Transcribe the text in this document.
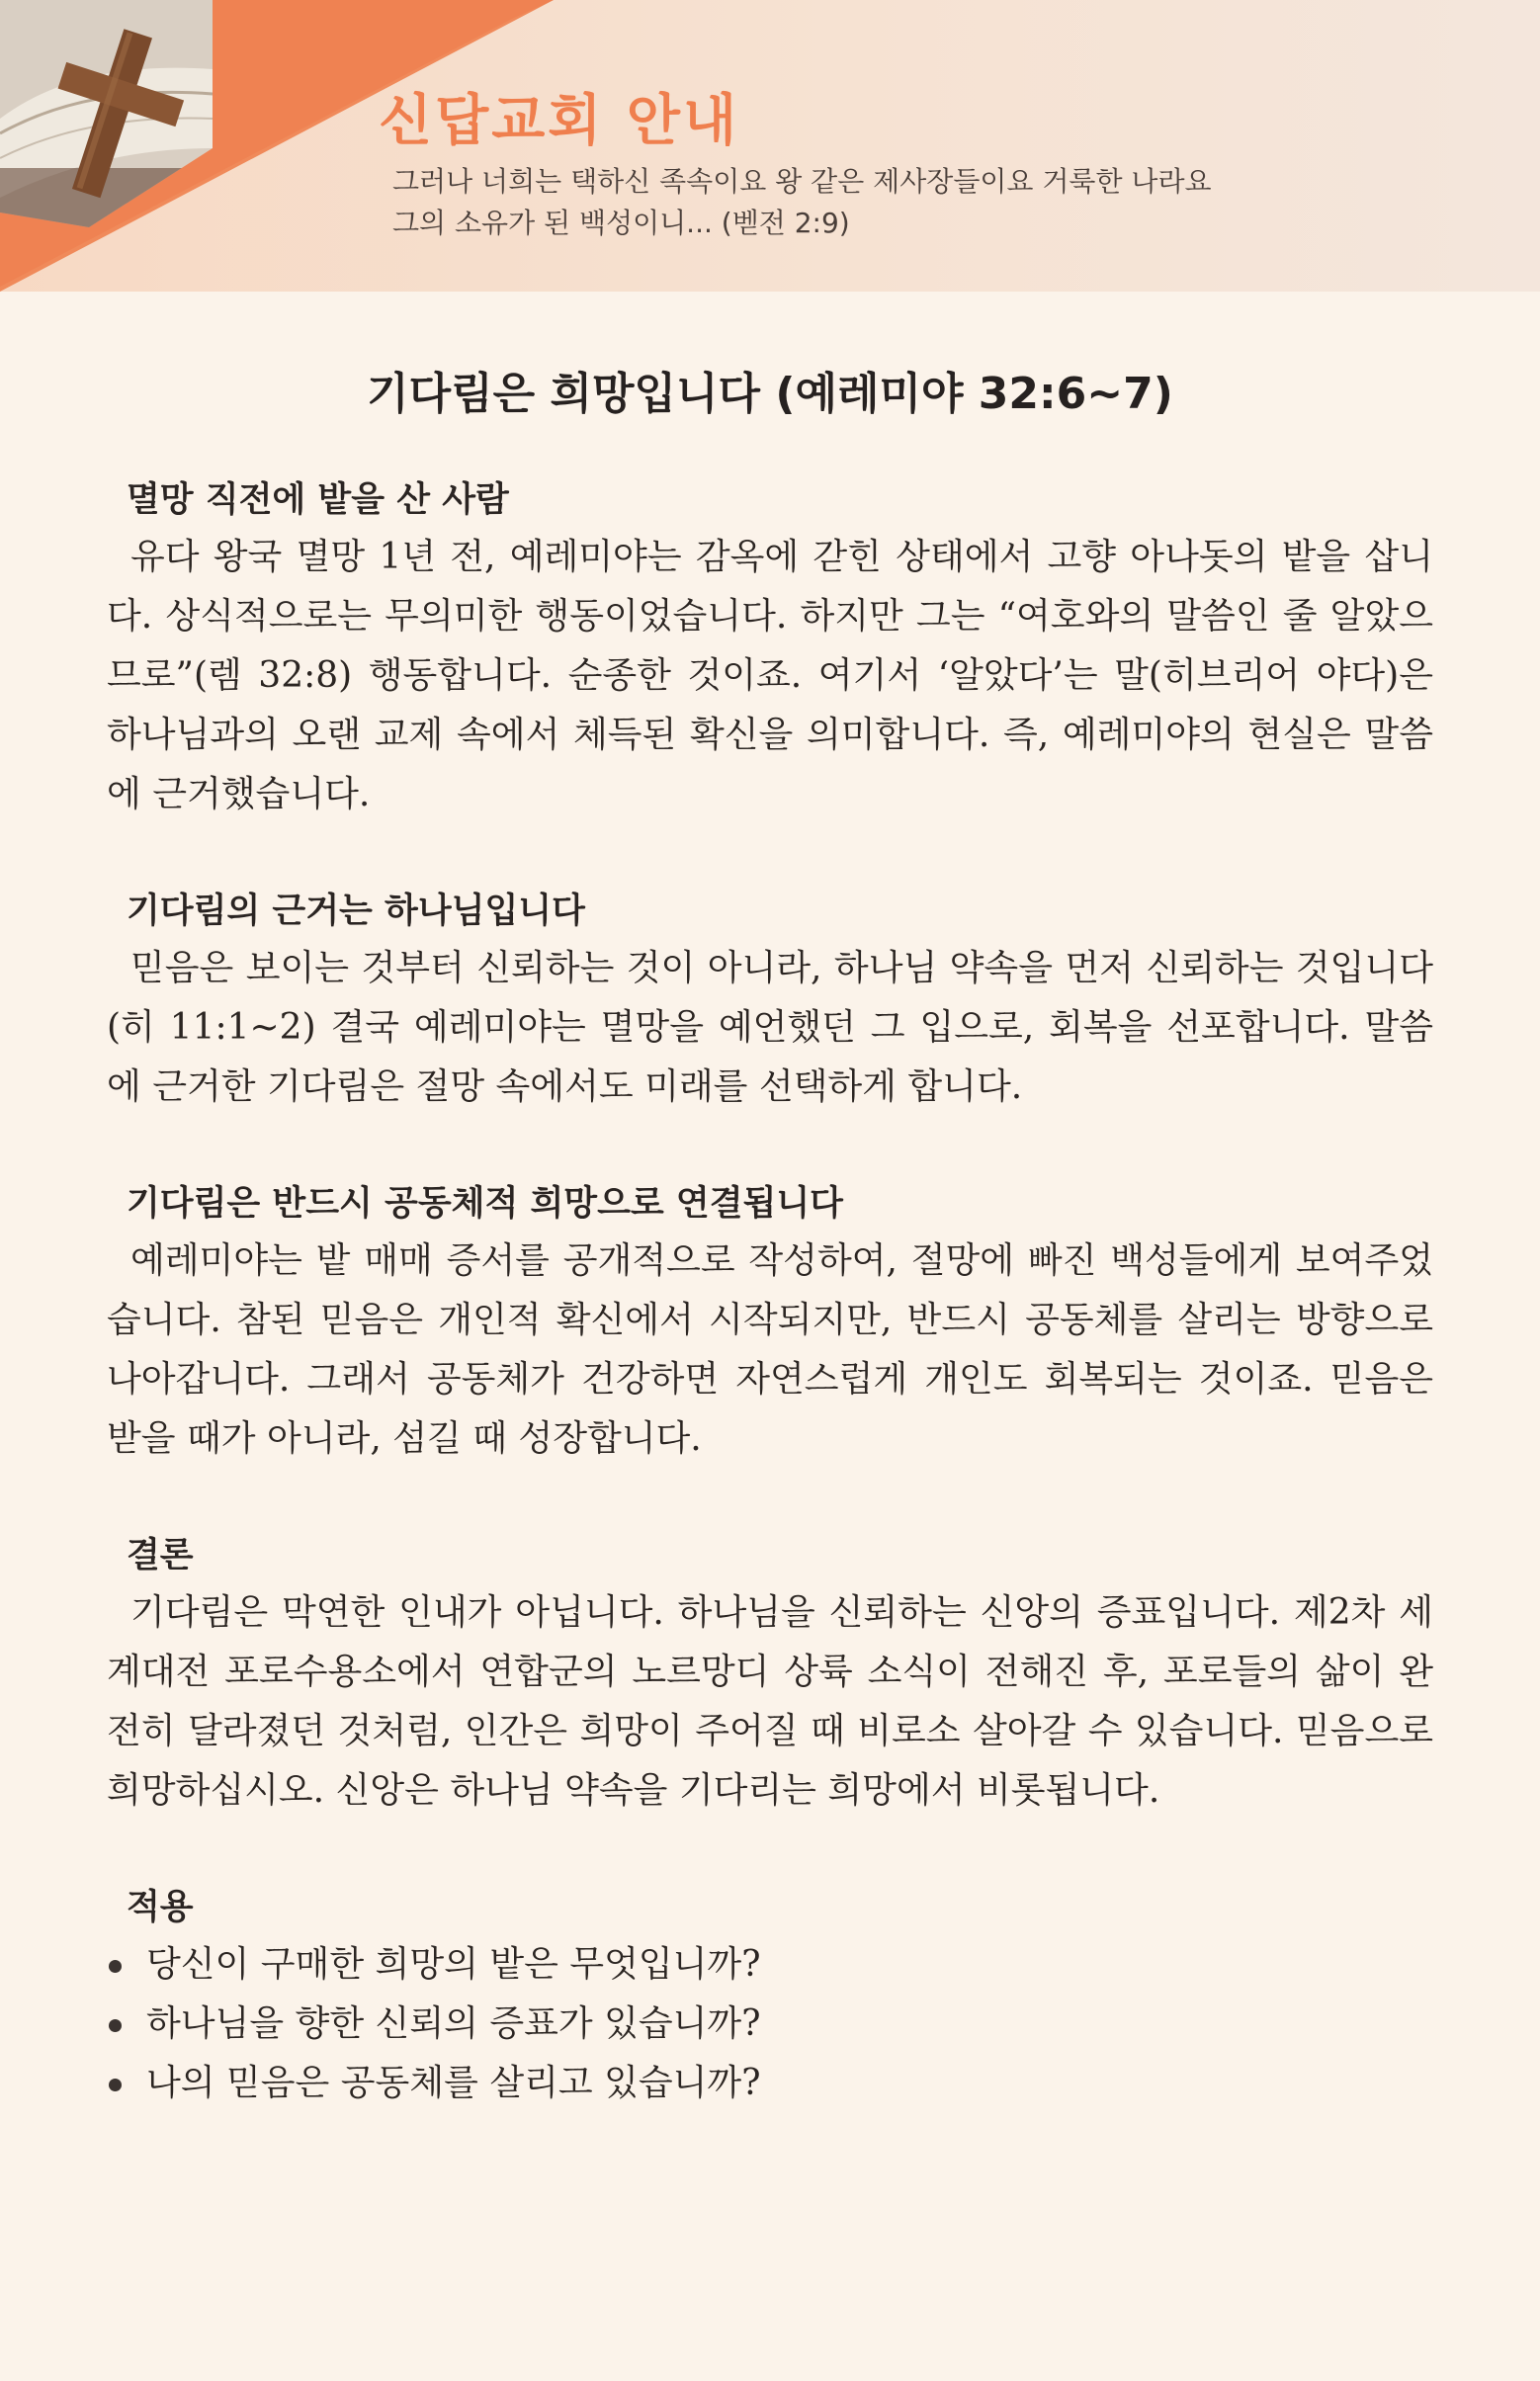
신답교회 안내
그러나 너희는 택하신 족속이요 왕 같은 제사장들이요 거룩한 나라요
그의 소유가 된 백성이니... (벧전 2:9)
기다림은 희망입니다 (예레미야 32:6~7)
멸망 직전에 밭을 산 사람

유다 왕국 멸망 1년 전, 예레미야는 감옥에 갇힌 상태에서 고향 아나돗의 밭을 삽니다. 상식적으로는 무의미한 행동이었습니다. 하지만 그는 “여호와의 말씀인 줄 알았으므로”(렘 32:8) 행동합니다. 순종한 것이죠. 여기서 ‘알았다’는 말(히브리어 야다)은 하나님과의 오랜 교제 속에서 체득된 확신을 의미합니다. 즉, 예레미야의 현실은 말씀에 근거했습니다.

기다림의 근거는 하나님입니다

믿음은 보이는 것부터 신뢰하는 것이 아니라, 하나님 약속을 먼저 신뢰하는 것입니다(히 11:1~2) 결국 예레미야는 멸망을 예언했던 그 입으로, 회복을 선포합니다. 말씀에 근거한 기다림은 절망 속에서도 미래를 선택하게 합니다.

기다림은 반드시 공동체적 희망으로 연결됩니다

예레미야는 밭 매매 증서를 공개적으로 작성하여, 절망에 빠진 백성들에게 보여주었습니다. 참된 믿음은 개인적 확신에서 시작되지만, 반드시 공동체를 살리는 방향으로 나아갑니다. 그래서 공동체가 건강하면 자연스럽게 개인도 회복되는 것이죠. 믿음은 받을 때가 아니라, 섬길 때 성장합니다.

결론

기다림은 막연한 인내가 아닙니다. 하나님을 신뢰하는 신앙의 증표입니다. 제2차 세계대전 포로수용소에서 연합군의 노르망디 상륙 소식이 전해진 후, 포로들의 삶이 완전히 달라졌던 것처럼, 인간은 희망이 주어질 때 비로소 살아갈 수 있습니다. 믿음으로 희망하십시오. 신앙은 하나님 약속을 기다리는 희망에서 비롯됩니다.

적용
당신이 구매한 희망의 밭은 무엇입니까?
하나님을 향한 신뢰의 증표가 있습니까?
나의 믿음은 공동체를 살리고 있습니까?
